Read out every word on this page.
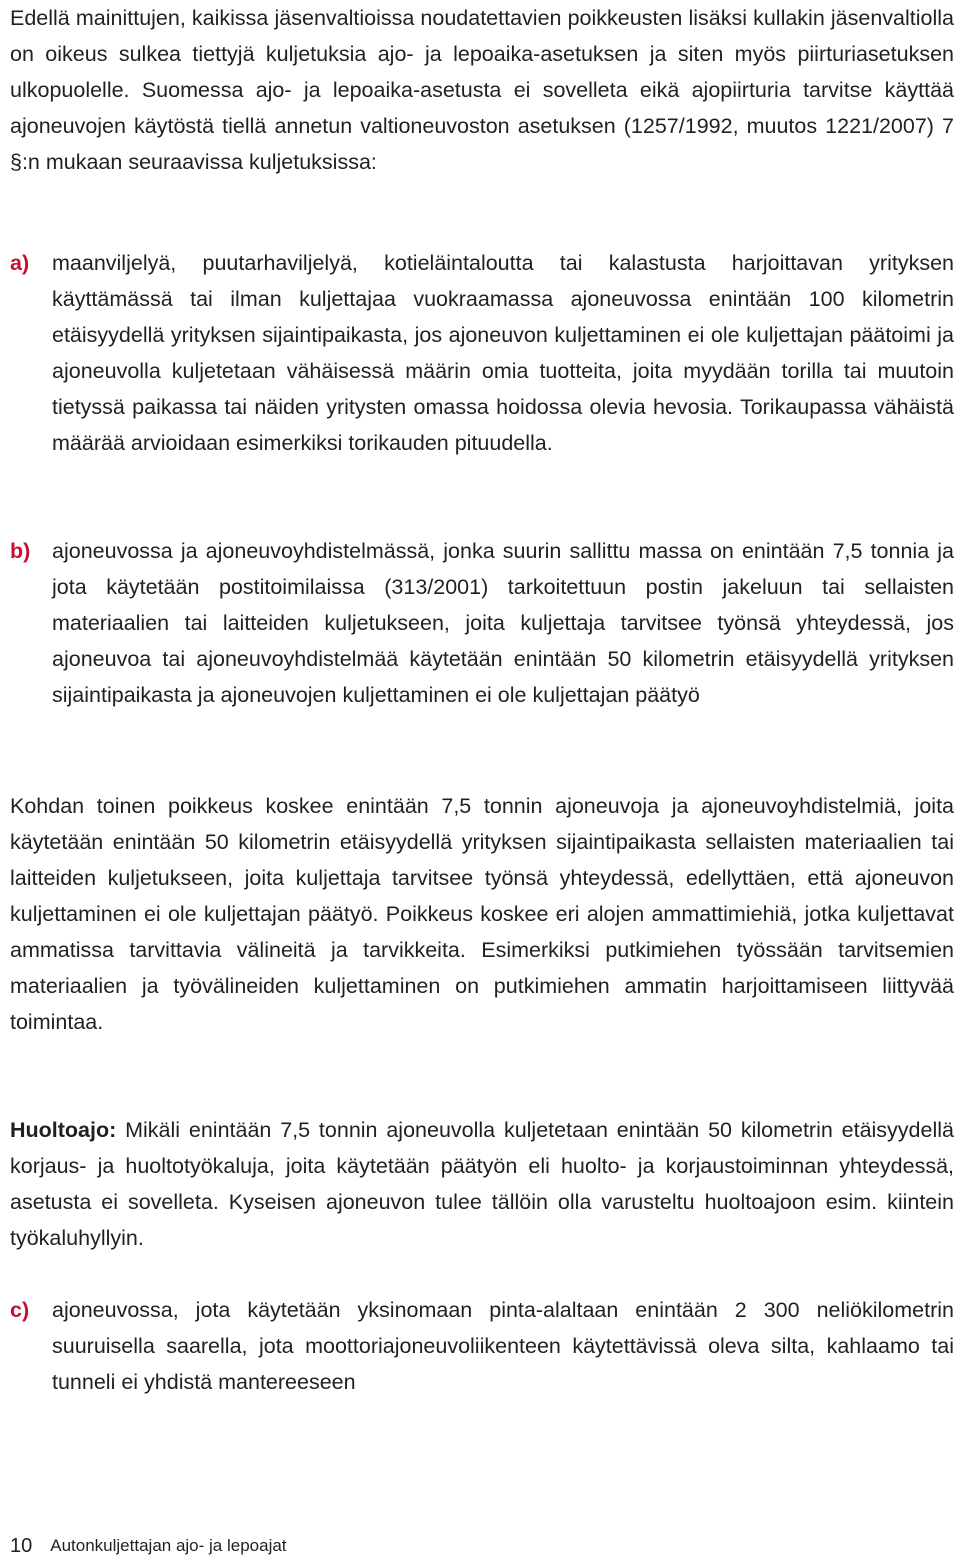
Edellä mainittujen, kaikissa jäsenvaltioissa noudatettavien poikkeusten lisäksi kullakin jäsenvaltiolla on oikeus sulkea tiettyjä kuljetuksia ajo- ja lepoaika-asetuksen ja siten myös piirturiasetuksen ulkopuolelle. Suomessa ajo- ja lepoaika-asetusta ei sovelleta eikä ajopiirturia tarvitse käyttää ajoneuvojen käytöstä tiellä annetun valtioneuvoston asetuksen (1257/1992, muutos 1221/2007) 7 §:n mukaan seuraavissa kuljetuksissa:

a) maanviljelyä, puutarhaviljelyä, kotieläintaloutta tai kalastusta harjoittavan yrityksen käyttämässä tai ilman kuljettajaa vuokraamassa ajoneuvossa enintään 100 kilometrin etäisyydellä yrityksen sijaintipaikasta, jos ajoneuvon kuljettaminen ei ole kuljettajan päätoimi ja ajoneuvolla kuljetetaan vähäisessä määrin omia tuotteita, joita myydään torilla tai muutoin tietyssä paikassa tai näiden yritysten omassa hoidossa olevia hevosia. Torikaupassa vähäistä määrää arvioidaan esimerkiksi torikauden pituudella.
b) ajoneuvossa ja ajoneuvoyhdistelmässä, jonka suurin sallittu massa on enintään 7,5 tonnia ja jota käytetään postitoimilaissa (313/2001) tarkoitettuun postin jakeluun tai sellaisten materiaalien tai laitteiden kuljetukseen, joita kuljettaja tarvitsee työnsä yhteydessä, jos ajoneuvoa tai ajoneuvoyhdistelmää käytetään enintään 50 kilometrin etäisyydellä yrityksen sijaintipaikasta ja ajoneuvojen kuljettaminen ei ole kuljettajan päätyö

Kohdan toinen poikkeus koskee enintään 7,5 tonnin ajoneuvoja ja ajoneuvoyhdistelmiä, joita käytetään enintään 50 kilometrin etäisyydellä yrityksen sijaintipaikasta sellaisten materiaalien tai laitteiden kuljetukseen, joita kuljettaja tarvitsee työnsä yhteydessä, edellyttäen, että ajoneuvon kuljettaminen ei ole kuljettajan päätyö. Poikkeus koskee eri alojen ammattimiehiä, jotka kuljettavat ammatissa tarvittavia välineitä ja tarvikkeita. Esimerkiksi putkimiehen työssään tarvitsemien materiaalien ja työvälineiden kuljettaminen on putkimiehen ammatin harjoittamiseen liittyvää toimintaa.

Huoltoajo: Mikäli enintään 7,5 tonnin ajoneuvolla kuljetetaan enintään 50 kilometrin etäisyydellä korjaus- ja huoltotyökaluja, joita käytetään päätyön eli huolto- ja korjaustoiminnan yhteydessä, asetusta ei sovelleta. Kyseisen ajoneuvon tulee tällöin olla varusteltu huoltoajoon esim. kiintein työkaluhyllyin.

c) ajoneuvossa, jota käytetään yksinomaan pinta-alaltaan enintään 2 300 neliökilometrin suuruisella saarella, jota moottoriajoneuvoliikenteen käytettävissä oleva silta, kahlaamo tai tunneli ei yhdistä mantereeseen
10 Autonkuljettajan ajo- ja lepoajat
